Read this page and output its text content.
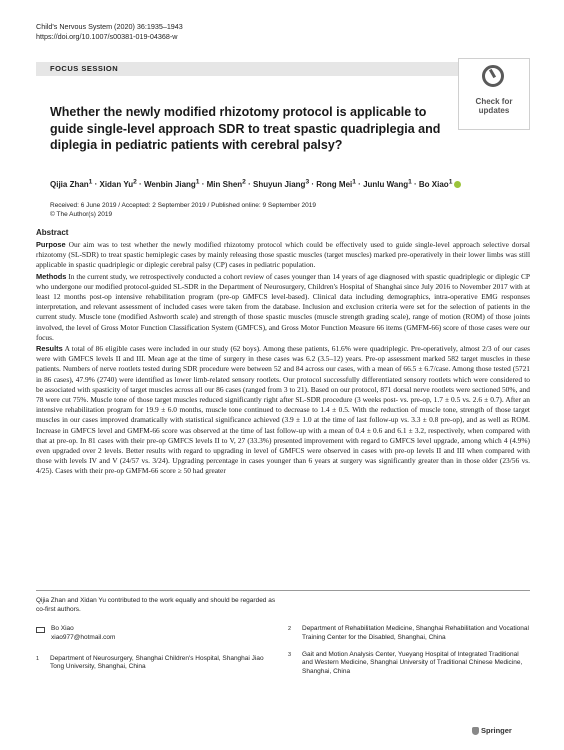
Child's Nervous System (2020) 36:1935–1943
https://doi.org/10.1007/s00381-019-04368-w
FOCUS SESSION
Check for
updates
Whether the newly modified rhizotomy protocol is applicable to guide single-level approach SDR to treat spastic quadriplegia and diplegia in pediatric patients with cerebral palsy?
Qijia Zhan$^1$ · Xidan $Yu^2$ · Wenbin Jiang$^1$ · Min Shen$^2$ · Shuyun Jiang$^3$ · Rong Mei$^1$ · Junlu Wang$^1$ · Bo Xiao$^1$
Received: 6 June 2019 / Accepted: 2 September 2019 / Published online: 9 September 2019
© The Author(s) 2019
Abstract

Purpose Our aim was to test whether the newly modified rhizotomy protocol which could be effectively used to guide single-level approach selective dorsal rhizotomy (SL-SDR) to treat spastic hemiplegic cases by mainly releasing those spastic muscles (target muscles) marked pre-operatively in their lower limbs was still applicable in spastic quadriplegic or diplegic cerebral palsy (CP) cases in pediatric population.

Methods In the current study, we retrospectively conducted a cohort review of cases younger than 14 years of age diagnosed with spastic quadriplegic or diplegic CP who undergone our modified protocol-guided SL-SDR in the Department of Neurosurgery, Children's Hospital of Shanghai since July 2016 to November 2017 with at least 12 months post-op intensive rehabilitation program (pre-op GMFCS level-based). Clinical data including demographics, intra-operative EMG responses interpretation, and relevant assessment of included cases were taken from the database. Inclusion and exclusion criteria were set for the selection of patients in the current study. Muscle tone (modified Ashworth scale) and strength of those spastic muscles (muscle strength grading scale), range of motion (ROM) of those joints involved, the level of Gross Motor Function Classification System (GMFCS), and Gross Motor Function Measure 66 items (GMFM-66) score of those cases were our focus.

Results A total of 86 eligible cases were included in our study (62 boys). Among these patients, 61.6% were quadriplegic. Pre-operatively, almost 2/3 of our cases were with GMFCS levels II and III. Mean age at the time of surgery in these cases was 6.2 (3.5–12) years. Pre-op assessment marked 582 target muscles in these patients. Numbers of nerve rootlets tested during SDR procedure were between 52 and 84 across our cases, with a mean of 66.5 ± 6.7/case. Among those tested (5721 in 86 cases), 47.9% (2740) were identified as lower limb-related sensory rootlets. Our protocol successfully differentiated sensory rootlets which were considered to be associated with spasticity of target muscles across all our 86 cases (ranged from 3 to 21). Based on our protocol, 871 dorsal nerve rootlets were sectioned 50%, and 78 were cut 75%. Muscle tone of those target muscles reduced significantly right after SL-SDR procedure (3 weeks post- vs. pre-op, 1.7 ± 0.5 vs. 2.6 ± 0.7). After an intensive rehabilitation program for 19.9 ± 6.0 months, muscle tone continued to decrease to 1.4 ± 0.5. With the reduction of muscle tone, strength of those target muscles in our cases improved dramatically with statistical significance achieved (3.9 ± 1.0 at the time of last follow-up vs. 3.3 ± 0.8 pre-op), and as well as ROM. Increase in GMFCS level and GMFM-66 score was observed at the time of last follow-up with a mean of 0.4 ± 0.6 and 6.1 ± 3.2, respectively, when compared with that at pre-op. In 81 cases with their pre-op GMFCS levels II to V, 27 (33.3%) presented improvement with regard to GMFCS level upgrade, among which 4 (4.9%) even upgraded over 2 levels. Better results with regard to upgrading in level of GMFCS were observed in cases with pre-op levels II and III when compared with those with levels IV and V (24/57 vs. 3/24). Upgrading percentage in cases younger than 6 years at surgery was significantly greater than in those older (23/56 vs. 4/25). Cases with their pre-op GMFM-66 score ≥ 50 had greater

Qijia Zhan and Xidan Yu contributed to the work equally and should be regarded as co-first authors.
Bo Xiao
xiao977@hotmail.com
1	Department of Neurosurgery, Shanghai Children's Hospital, Shanghai Jiao Tong University, Shanghai, China
2	Department of Rehabilitation Medicine, Shanghai Rehabilitation and Vocational Training Center for the Disabled, Shanghai, China
3	Gait and Motion Analysis Center, Yueyang Hospital of Integrated Traditional and Western Medicine, Shanghai University of Traditional Chinese Medicine, Shanghai, China
Springer
